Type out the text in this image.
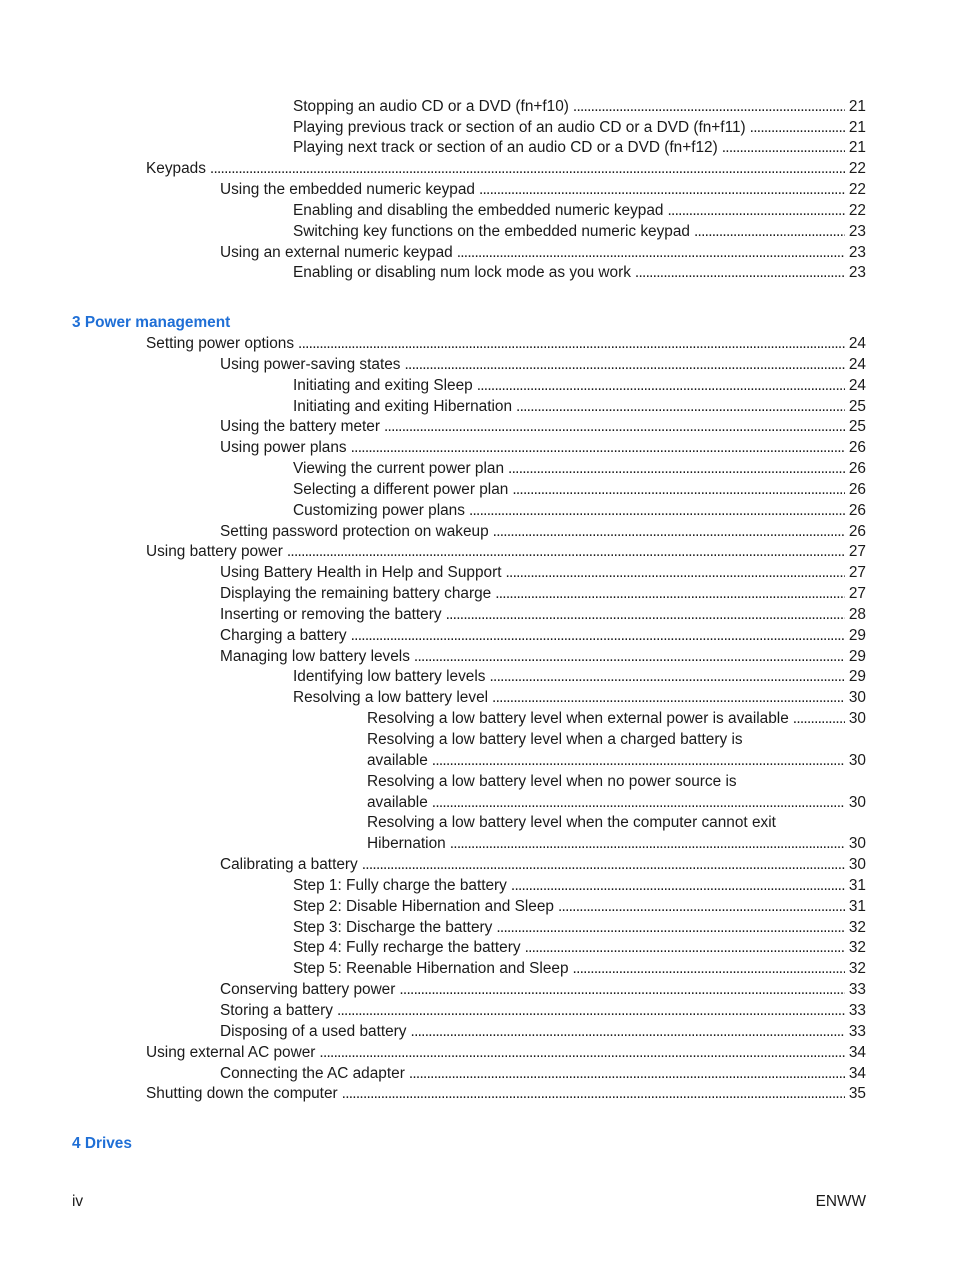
Stopping an audio CD or a DVD (fn+f10) . . .	21
Playing previous track or section of an audio CD or a DVD (fn+f11) . . .	21
Playing next track or section of an audio CD or a DVD (fn+f12) . . .	21
Keypads . . .	22
Using the embedded numeric keypad . . .	22
Enabling and disabling the embedded numeric keypad . . .	22
Switching key functions on the embedded numeric keypad . . .	23
Using an external numeric keypad . . .	23
Enabling or disabling num lock mode as you work . . .	23
3 Power management
Setting power options . . .	24
Using power-saving states . . .	24
Initiating and exiting Sleep . . .	24
Initiating and exiting Hibernation . . .	25
Using the battery meter . . .	25
Using power plans . . .	26
Viewing the current power plan . . .	26
Selecting a different power plan . . .	26
Customizing power plans . . .	26
Setting password protection on wakeup . . .	26
Using battery power . . .	27
Using Battery Health in Help and Support . . .	27
Displaying the remaining battery charge . . .	27
Inserting or removing the battery . . .	28
Charging a battery . . .	29
Managing low battery levels . . .	29
Identifying low battery levels . . .	29
Resolving a low battery level . . .	30
Resolving a low battery level when external power is available . . .	30
Resolving a low battery level when a charged battery is
available . . .	30
Resolving a low battery level when no power source is
available . . .	30
Resolving a low battery level when the computer cannot exit
Hibernation . . .	30
Calibrating a battery . . .	30
Step 1: Fully charge the battery . . .	31
Step 2: Disable Hibernation and Sleep . . .	31
Step 3: Discharge the battery . . .	32
Step 4: Fully recharge the battery . . .	32
Step 5: Reenable Hibernation and Sleep . . .	32
Conserving battery power . . .	33
Storing a battery . . .	33
Disposing of a used battery . . .	33
Using external AC power . . .	34
Connecting the AC adapter . . .	34
Shutting down the computer . . .	35
4 Drives
iv	ENWW
